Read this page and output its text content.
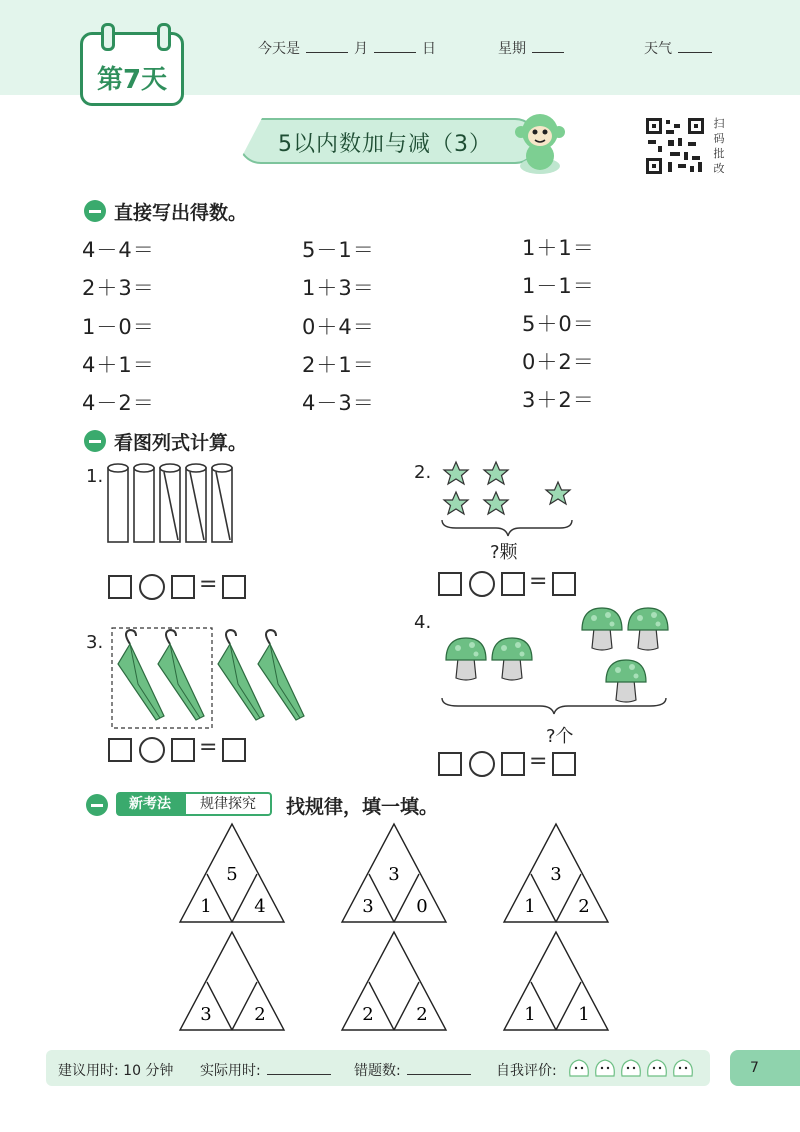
第7天
今天是	月	日	星期	天气
5以内数加与减（3）
扫
码
批
改
直接写出得数。
4－4＝	5－1＝	1＋1＝
2＋3＝	1＋3＝	1－1＝
1－0＝	0＋4＝	5＋0＝
4＋1＝	2＋1＝	0＋2＝
4－2＝	4－3＝	3＋2＝
看图列式计算。
1.
=
2.
?颗
=
3.
=
4.
?个
=
新考法	规律探究	找规律，填一填。
5
1 4
3
3 0
3
1 2
3 2	2 2	1 1
建议用时: 10 分钟 实际用时:	错题数:	自我评价:	7
